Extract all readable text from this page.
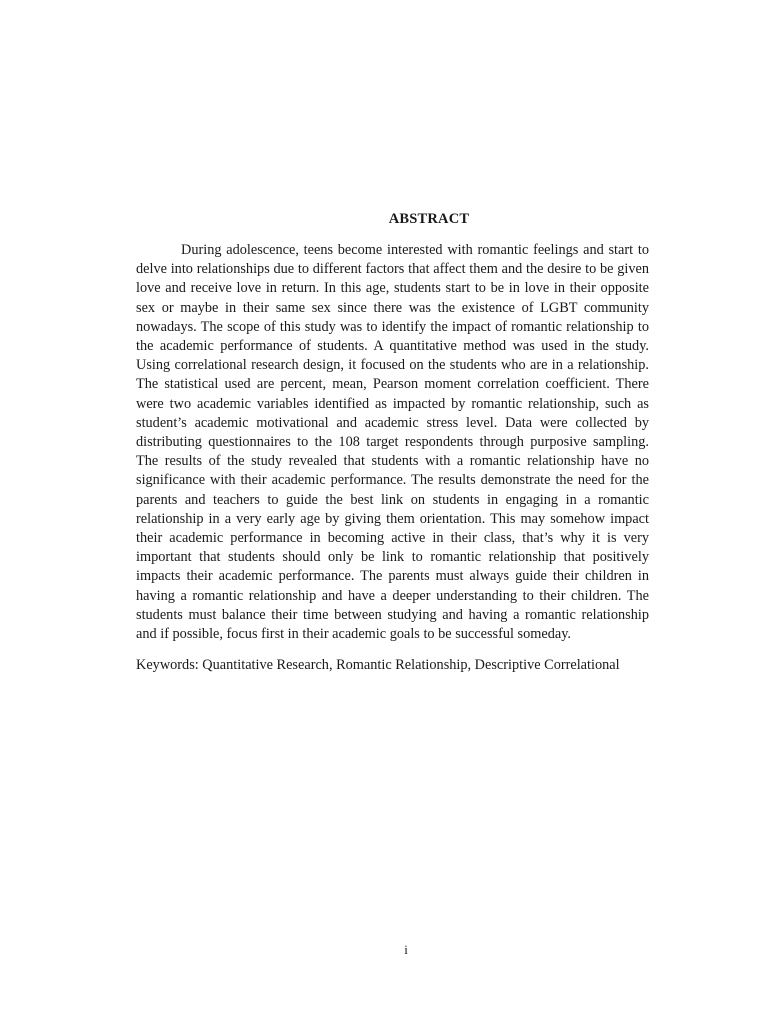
ABSTRACT

During adolescence, teens become interested with romantic feelings and start to delve into relationships due to different factors that affect them and the desire to be given love and receive love in return. In this age, students start to be in love in their opposite sex or maybe in their same sex since there was the existence of LGBT community nowadays. The scope of this study was to identify the impact of romantic relationship to the academic performance of students. A quantitative method was used in the study. Using correlational research design, it focused on the students who are in a relationship. The statistical used are percent, mean, Pearson moment correlation coefficient. There were two academic variables identified as impacted by romantic relationship, such as student’s academic motivational and academic stress level. Data were collected by distributing questionnaires to the 108 target respondents through purposive sampling. The results of the study revealed that students with a romantic relationship have no significance with their academic performance. The results demonstrate the need for the parents and teachers to guide the best link on students in engaging in a romantic relationship in a very early age by giving them orientation. This may somehow impact their academic performance in becoming active in their class, that’s why it is very important that students should only be link to romantic relationship that positively impacts their academic performance. The parents must always guide their children in having a romantic relationship and have a deeper understanding to their children. The students must balance their time between studying and having a romantic relationship and if possible, focus first in their academic goals to be successful someday.

Keywords: Quantitative Research, Romantic Relationship, Descriptive Correlational

i
